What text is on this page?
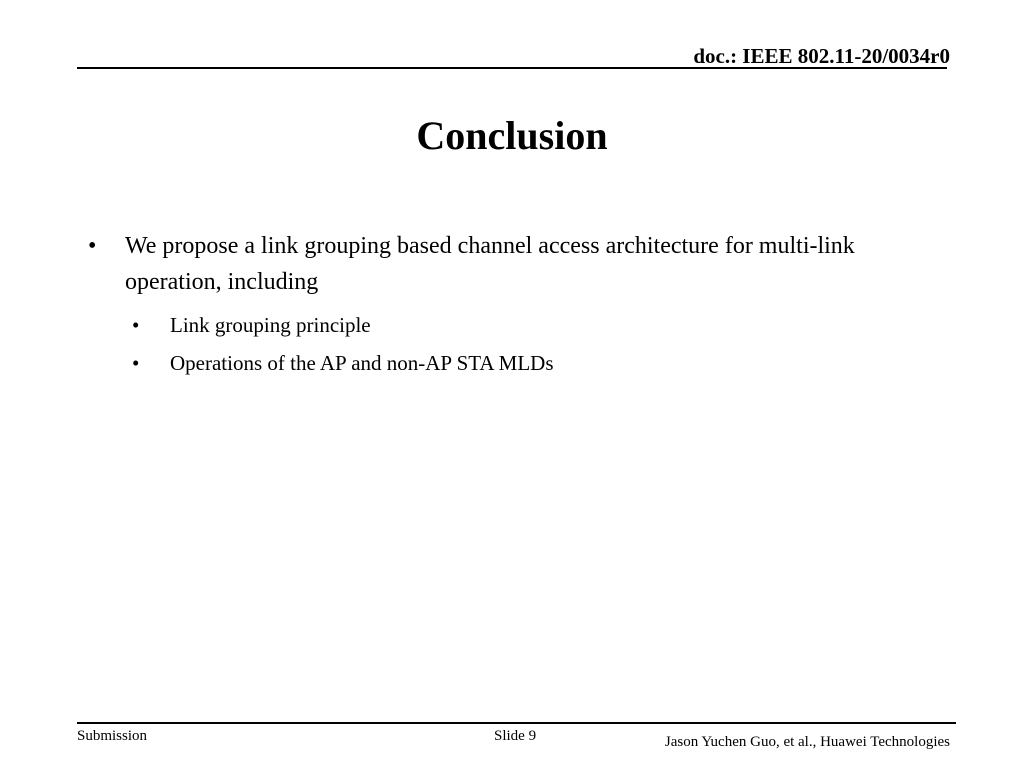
doc.: IEEE 802.11-20/0034r0
Conclusion
• We propose a link grouping based channel access architecture for multi-link operation, including
• Link grouping principle
• Operations of the AP and non-AP STA MLDs
Submission	Slide 9	Jason Yuchen Guo, et al., Huawei Technologies
